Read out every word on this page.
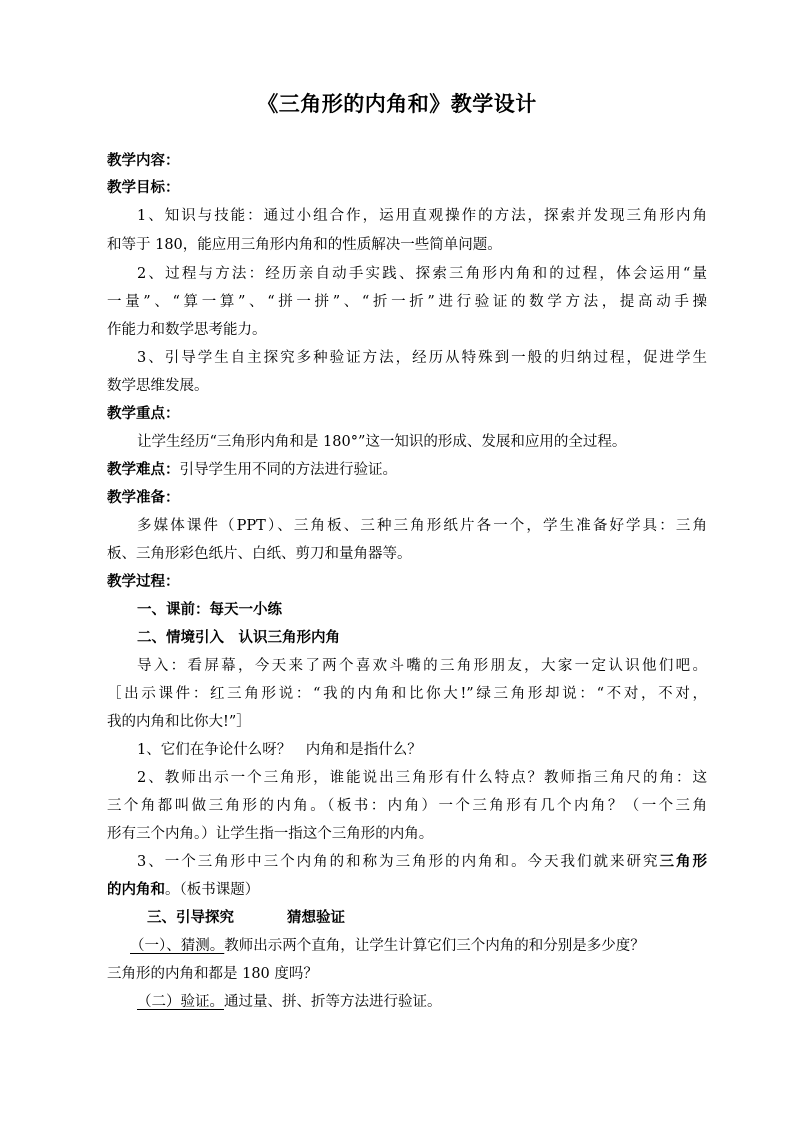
《三角形的内角和》教学设计
教学内容：
教学目标：
1、知识与技能：通过小组合作，运用直观操作的方法，探索并发现三角形内角
和等于 180，能应用三角形内角和的性质解决一些简单问题。
2、过程与方法：经历亲自动手实践、探索三角形内角和的过程，体会运用“量
一量”、“算一算”、“拼一拼”、“折一折”进行验证的数学方法，提高动手操
作能力和数学思考能力。
3、引导学生自主探究多种验证方法，经历从特殊到一般的归纳过程，促进学生
数学思维发展。
教学重点：
让学生经历“三角形内角和是 180°”这一知识的形成、发展和应用的全过程。
教学难点：引导学生用不同的方法进行验证。
教学准备：
多媒体课件（PPT）、三角板、三种三角形纸片各一个，学生准备好学具：三角
板、三角形彩色纸片、白纸、剪刀和量角器等。
教学过程：
一、课前：每天一小练
二、情境引入　认识三角形内角
导入：看屏幕，今天来了两个喜欢斗嘴的三角形朋友，大家一定认识他们吧。
［出示课件：红三角形说：“我的内角和比你大!”绿三角形却说：“不对，不对，
我的内角和比你大!”］
1、它们在争论什么呀？　内角和是指什么？
2、教师出示一个三角形，谁能说出三角形有什么特点？教师指三角尺的角：这
三个角都叫做三角形的内角。（板书：内角）一个三角形有几个内角？（一个三角
形有三个内角。）让学生指一指这个三角形的内角。
3、一个三角形中三个内角的和称为三角形的内角和。今天我们就来研究三角形
的内角和。（板书课题）
三、引导探究	猜想验证
（一）、猜测。教师出示两个直角，让学生计算它们三个内角的和分别是多少度？
三角形的内角和都是 180 度吗？
（二）验证。通过量、拼、折等方法进行验证。
